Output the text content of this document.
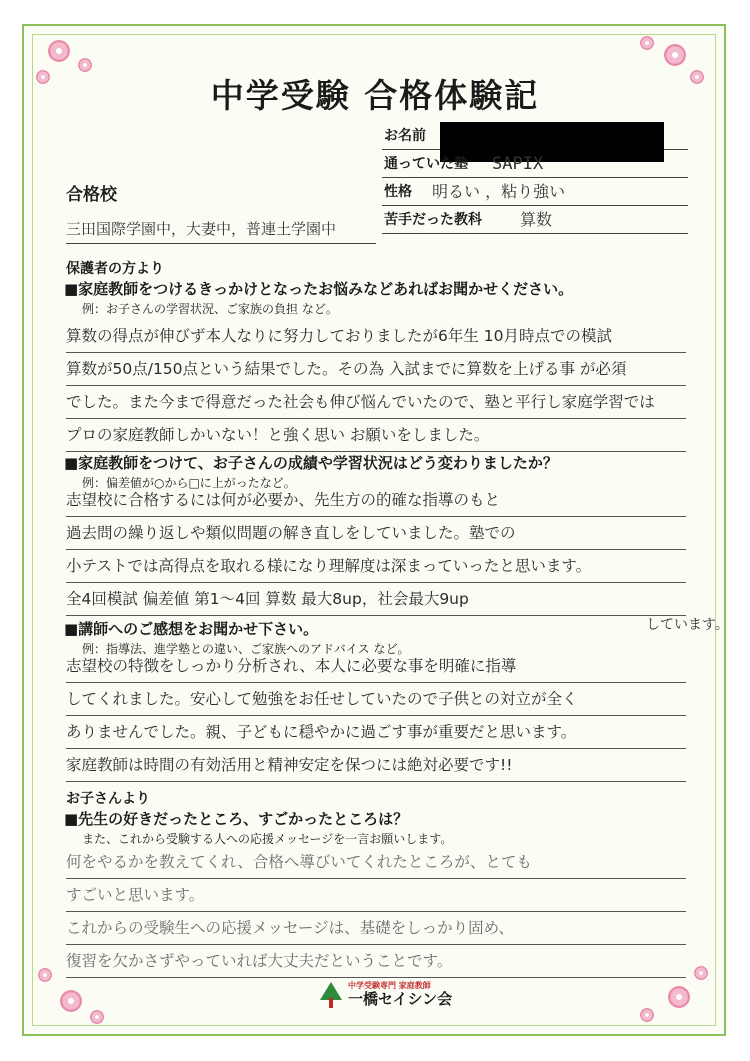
中学受験 合格体験記
お名前
通っていた塾 SAPIX
性格 明るい ，粘り強い
苦手だった教科 算数
合格校
三田国際学園中，大妻中，普連土学園中
保護者の方より
■家庭教師をつけるきっかけとなったお悩みなどあればお聞かせください。
例：お子さんの学習状況、ご家族の負担 など。
算数の得点が伸びず本人なりに努力しておりましたが6年生 10月時点での模試
算数が50点/150点という結果でした。その為 入試までに算数を上げる事 が必須
でした。また今まで得意だった社会も伸び悩んでいたので、塾と平行し家庭学習では
プロの家庭教師しかいない！と強く思い お願いをしました。
■家庭教師をつけて、お子さんの成績や学習状況はどう変わりましたか？
例：偏差値が○から□に上がったなど。
志望校に合格するには何が必要か、先生方の的確な指導のもと
過去問の繰り返しや類似問題の解き直しをしていました。塾での
小テストでは高得点を取れる様になり理解度は深まっていったと思います。
全4回模試 偏差値 第1～4回 算数 最大8up，社会最大9up
しています。
■講師へのご感想をお聞かせ下さい。
例：指導法、進学塾との違い、ご家族へのアドバイス など。
志望校の特徴をしっかり分析され、本人に必要な事を明確に指導
してくれました。安心して勉強をお任せしていたので子供との対立が全く
ありませんでした。親、子どもに穏やかに過ごす事が重要だと思います。
家庭教師は時間の有効活用と精神安定を保つには絶対必要です!!
お子さんより
■先生の好きだったところ、すごかったところは？
また、これから受験する人への応援メッセージを一言お願いします。
何をやるかを教えてくれ、合格へ導びいてくれたところが、とても
すごいと思います。
これからの受験生への応援メッセージは、基礎をしっかり固め、
復習を欠かさずやっていれば大丈夫だということです。
中学受験専門 家庭教師
一橋セイシン会
